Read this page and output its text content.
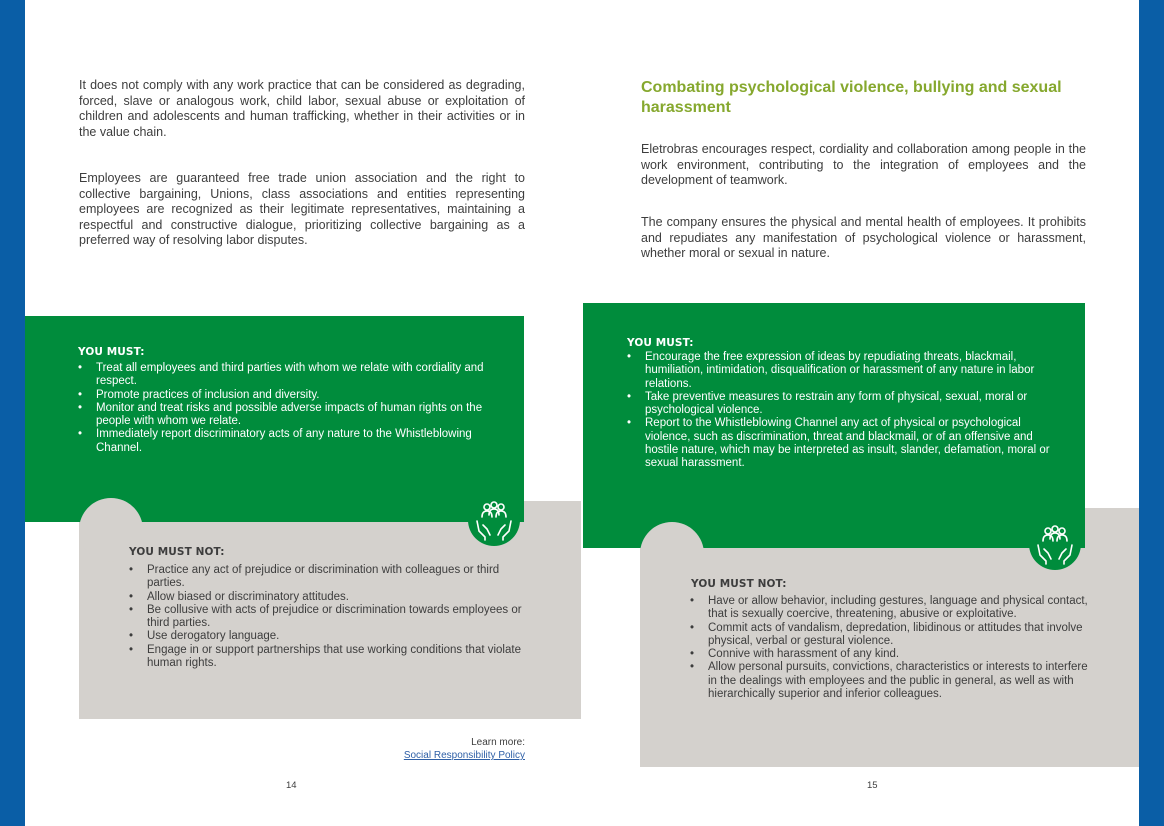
It does not comply with any work practice that can be considered as degrading, forced, slave or analogous work, child labor, sexual abuse or exploitation of children and adolescents and human trafficking, whether in their activities or in the value chain.

Employees are guaranteed free trade union association and the right to collective bargaining, Unions, class associations and entities representing employees are recognized as their legitimate representatives, maintaining a respectful and constructive dialogue, prioritizing collective bargaining as a preferred way of resolving labor disputes.

YOU MUST:
• Treat all employees and third parties with whom we relate with cordiality and respect.
• Promote practices of inclusion and diversity.
• Monitor and treat risks and possible adverse impacts of human rights on the people with whom we relate.
• Immediately report discriminatory acts of any nature to the Whistleblowing Channel.
YOU MUST NOT:
• Practice any act of prejudice or discrimination with colleagues or third parties.
• Allow biased or discriminatory attitudes.
• Be collusive with acts of prejudice or discrimination towards employees or third parties.
• Use derogatory language.
• Engage in or support partnerships that use working conditions that violate human rights.
Learn more:
Social Responsibility Policy
14
Combating psychological violence, bullying and sexual harassment

Eletrobras encourages respect, cordiality and collaboration among people in the work environment, contributing to the integration of employees and the development of teamwork.

The company ensures the physical and mental health of employees. It prohibits and repudiates any manifestation of psychological violence or harassment, whether moral or sexual in nature.

YOU MUST:
• Encourage the free expression of ideas by repudiating threats, blackmail, humiliation, intimidation, disqualification or harassment of any nature in labor relations.
• Take preventive measures to restrain any form of physical, sexual, moral or psychological violence.
• Report to the Whistleblowing Channel any act of physical or psychological violence, such as discrimination, threat and blackmail, or of an offensive and hostile nature, which may be interpreted as insult, slander, defamation, moral or sexual harassment.
YOU MUST NOT:
• Have or allow behavior, including gestures, language and physical contact, that is sexually coercive, threatening, abusive or exploitative.
• Commit acts of vandalism, depredation, libidinous or attitudes that involve physical, verbal or gestural violence.
• Connive with harassment of any kind.
• Allow personal pursuits, convictions, characteristics or interests to interfere in the dealings with employees and the public in general, as well as with hierarchically superior and inferior colleagues.
15
